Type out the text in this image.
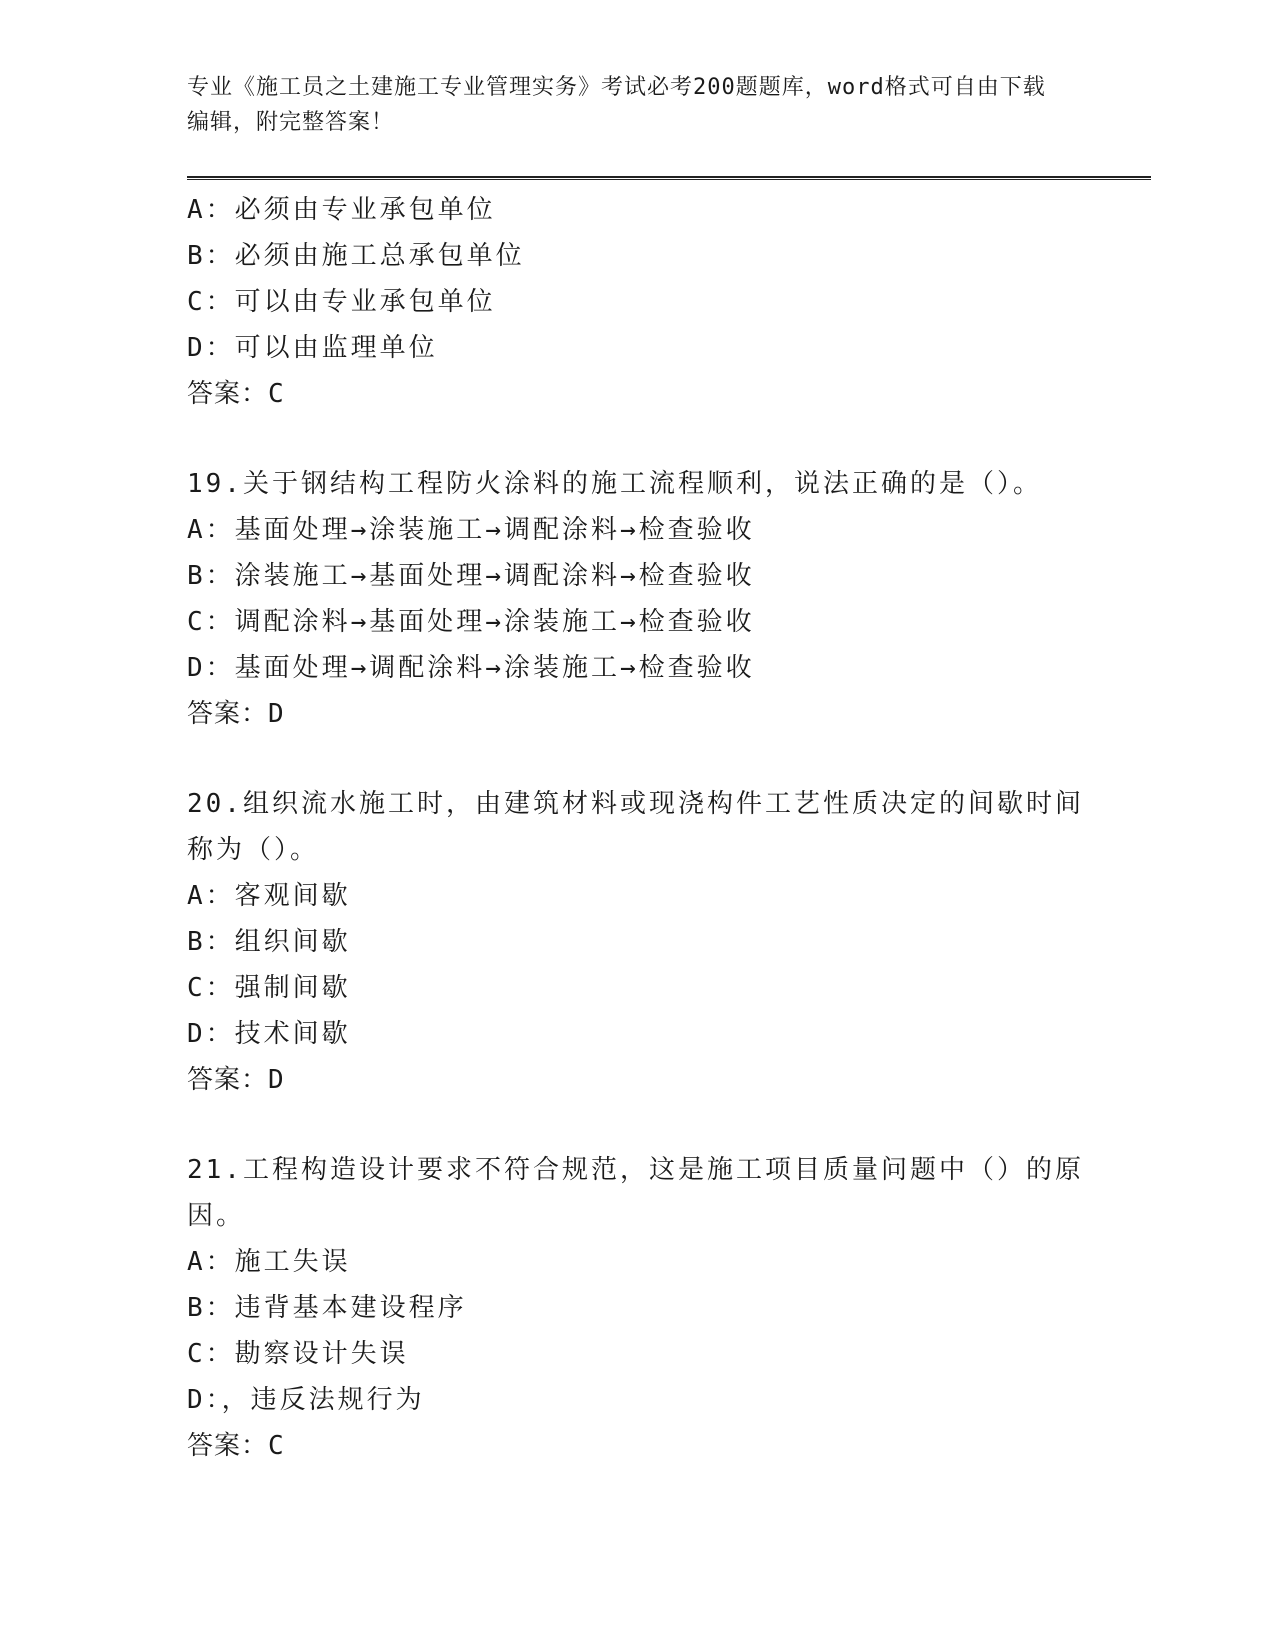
专业《施工员之土建施工专业管理实务》考试必考200题题库，word格式可自由下载编辑，附完整答案！
A：必须由专业承包单位
B：必须由施工总承包单位
C：可以由专业承包单位
D：可以由监理单位
答案：C
19.关于钢结构工程防火涂料的施工流程顺利，说法正确的是（）。
A：基面处理→涂装施工→调配涂料→检查验收
B：涂装施工→基面处理→调配涂料→检查验收
C：调配涂料→基面处理→涂装施工→检查验收
D：基面处理→调配涂料→涂装施工→检查验收
答案：D
20.组织流水施工时，由建筑材料或现浇构件工艺性质决定的间歇时间
称为（）。
A：客观间歇
B：组织间歇
C：强制间歇
D：技术间歇
答案：D
21.工程构造设计要求不符合规范，这是施工项目质量问题中（）的原
因。
A：施工失误
B：违背基本建设程序
C：勘察设计失误
D：，违反法规行为
答案：C
